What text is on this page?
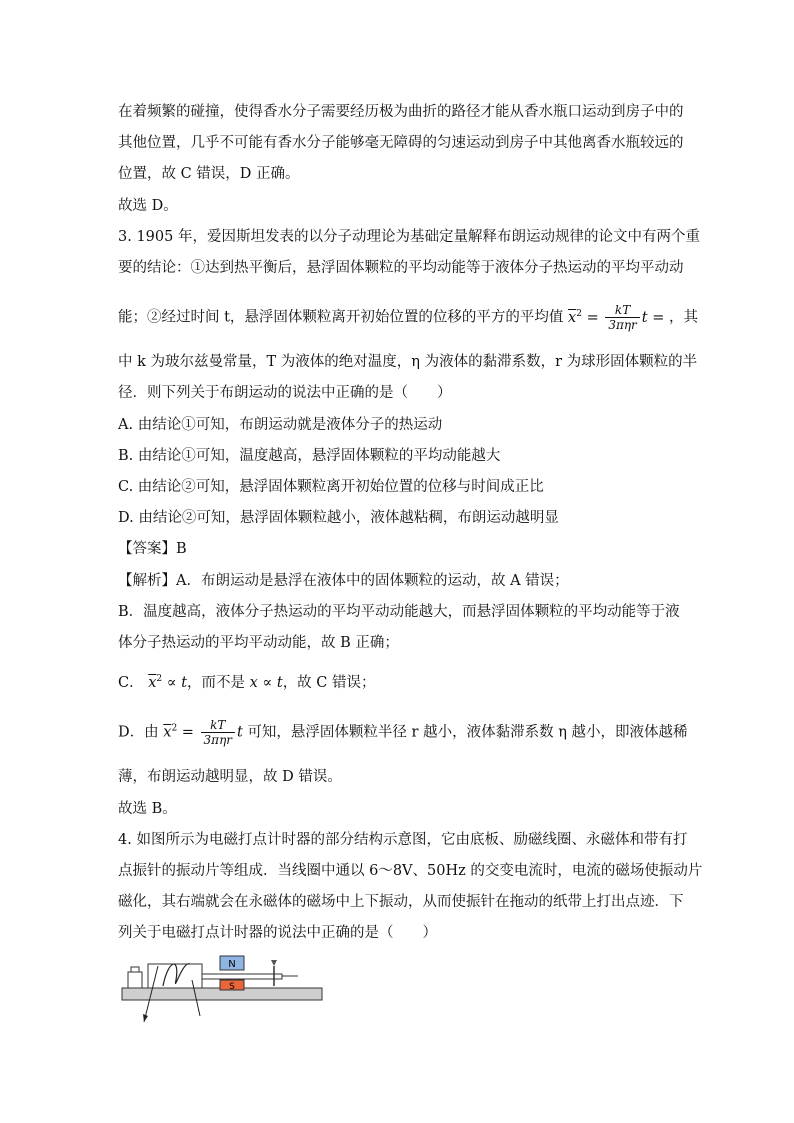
在着频繁的碰撞，使得香水分子需要经历极为曲折的路径才能从香水瓶口运动到房子中的
其他位置，几乎不可能有香水分子能够毫无障碍的匀速运动到房子中其他离香水瓶较远的
位置，故 C 错误，D 正确。
故选 D。
3. 1905 年，爱因斯坦发表的以分子动理论为基础定量解释布朗运动规律的论文中有两个重
要的结论：①达到热平衡后，悬浮固体颗粒的平均动能等于液体分子热运动的平均平动动
能；②经过时间 t，悬浮固体颗粒离开初始位置的位移的平方的平均值 $\overline{x}^2 = \frac{kT}{\text{3πηr}}$ t = ，其
中 k 为玻尔兹曼常量，T 为液体的绝对温度，η 为液体的黏滞系数，r 为球形固体颗粒的半
径．则下列关于布朗运动的说法中正确的是（　　）
A. 由结论①可知，布朗运动就是液体分子的热运动
B. 由结论①可知，温度越高，悬浮固体颗粒的平均动能越大
C. 由结论②可知，悬浮固体颗粒离开初始位置的位移与时间成正比
D. 由结论②可知，悬浮固体颗粒越小，液体越粘稠，布朗运动越明显
【答案】B
【解析】A．布朗运动是悬浮在液体中的固体颗粒的运动，故 A 错误；
B．温度越高，液体分子热运动的平均平动动能越大，而悬浮固体颗粒的平均动能等于液
体分子热运动的平均平动动能，故 B 正确；
C． $\overline{x}^2 \propto t$，而不是 x ∝ t，故 C 错误；
D．由 $\overline{x}^2 = \frac{kT}{\text{3πηr}}$ t 可知，悬浮固体颗粒半径 r 越小，液体黏滞系数 η 越小，即液体越稀
薄，布朗运动越明显，故 D 错误。
故选 B。
4. 如图所示为电磁打点计时器的部分结构示意图，它由底板、励磁线圈、永磁体和带有打
点振针的振动片等组成．当线圈中通以 6～8V、50Hz 的交变电流时，电流的磁场使振动片
磁化，其右端就会在永磁体的磁场中上下振动，从而使振针在拖动的纸带上打出点迹．下
列关于电磁打点计时器的说法中正确的是（　　）
N
S
